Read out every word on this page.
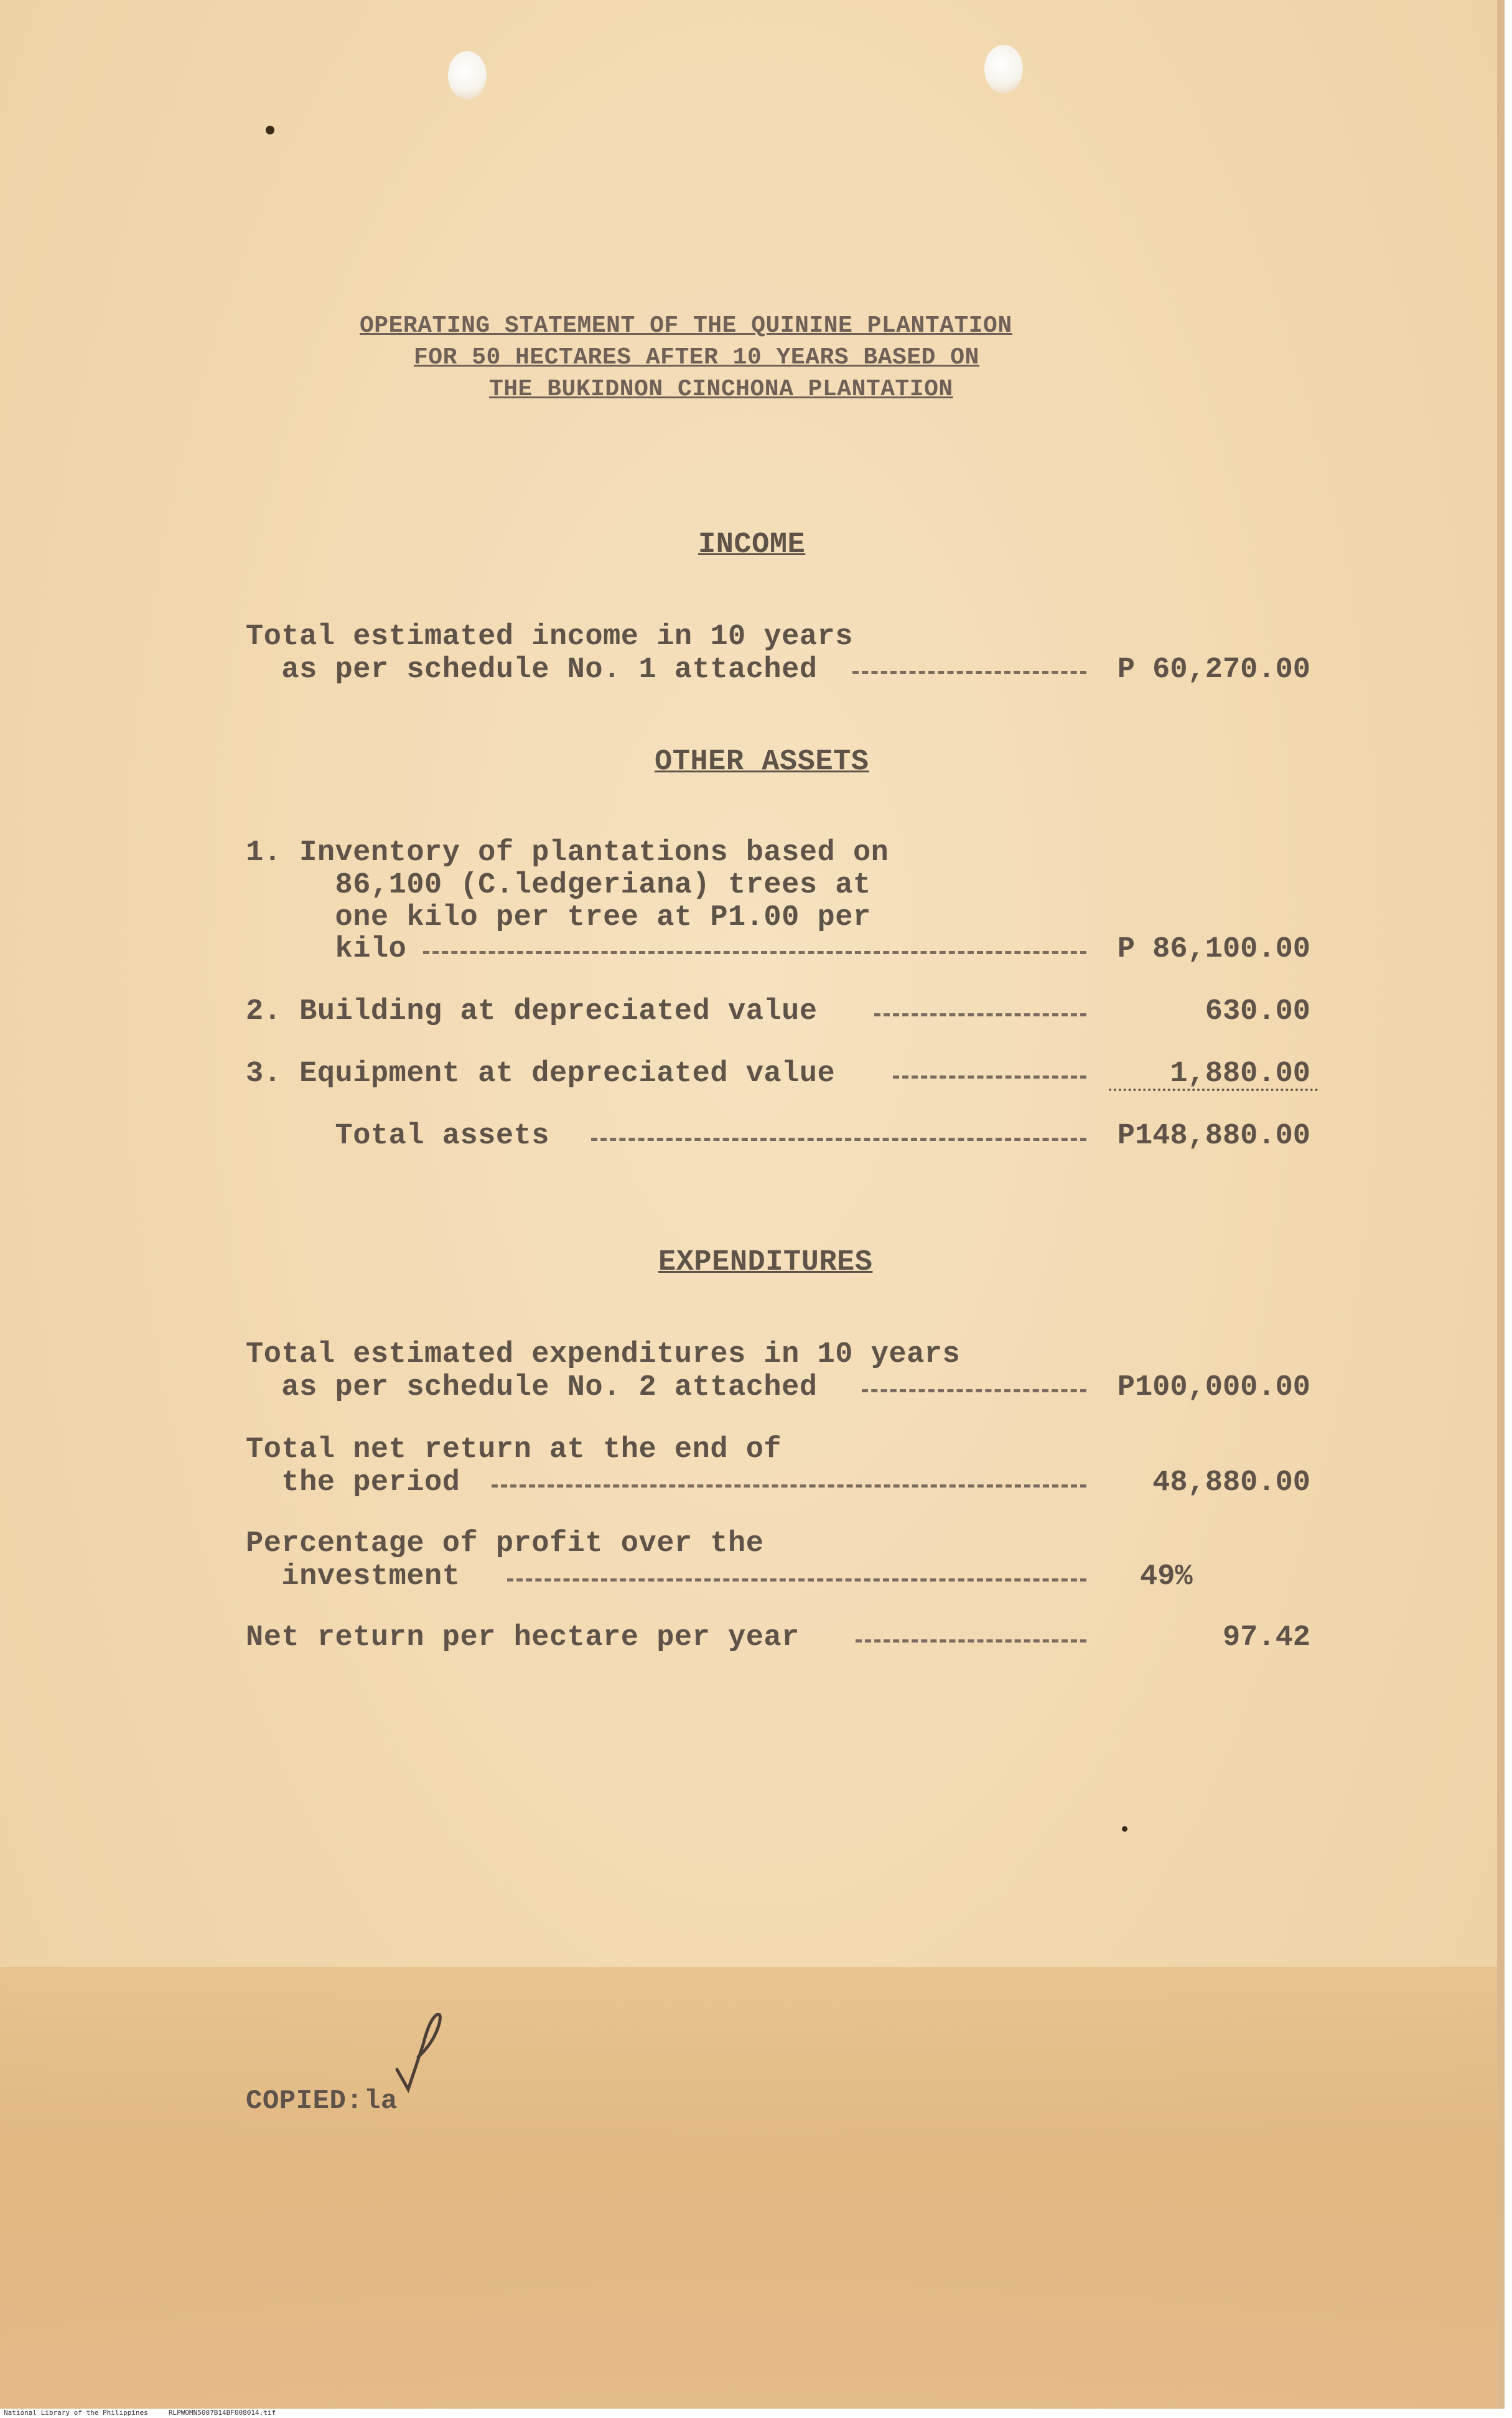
OPERATING STATEMENT OF THE QUININE PLANTATION
FOR 50 HECTARES AFTER 10 YEARS BASED ON
THE BUKIDNON CINCHONA PLANTATION
INCOME
Total estimated income in 10 years
as per schedule No. 1 attached	P 60,270.00
OTHER ASSETS
1. Inventory of plantations based on
86,100 (C.ledgeriana) trees at
one kilo per tree at P1.00 per
kilo	P 86,100.00
2. Building at depreciated value	630.00
3. Equipment at depreciated value	1,880.00
Total assets	P148,880.00
EXPENDITURES
Total estimated expenditures in 10 years
as per schedule No. 2 attached	P100,000.00
Total net return at the end of
the period	48,880.00
Percentage of profit over the
investment	49%
Net return per hectare per year	97.42
COPIED: la
National Library of the Philippines     RLPWOMN5007B14BF008014.tif
